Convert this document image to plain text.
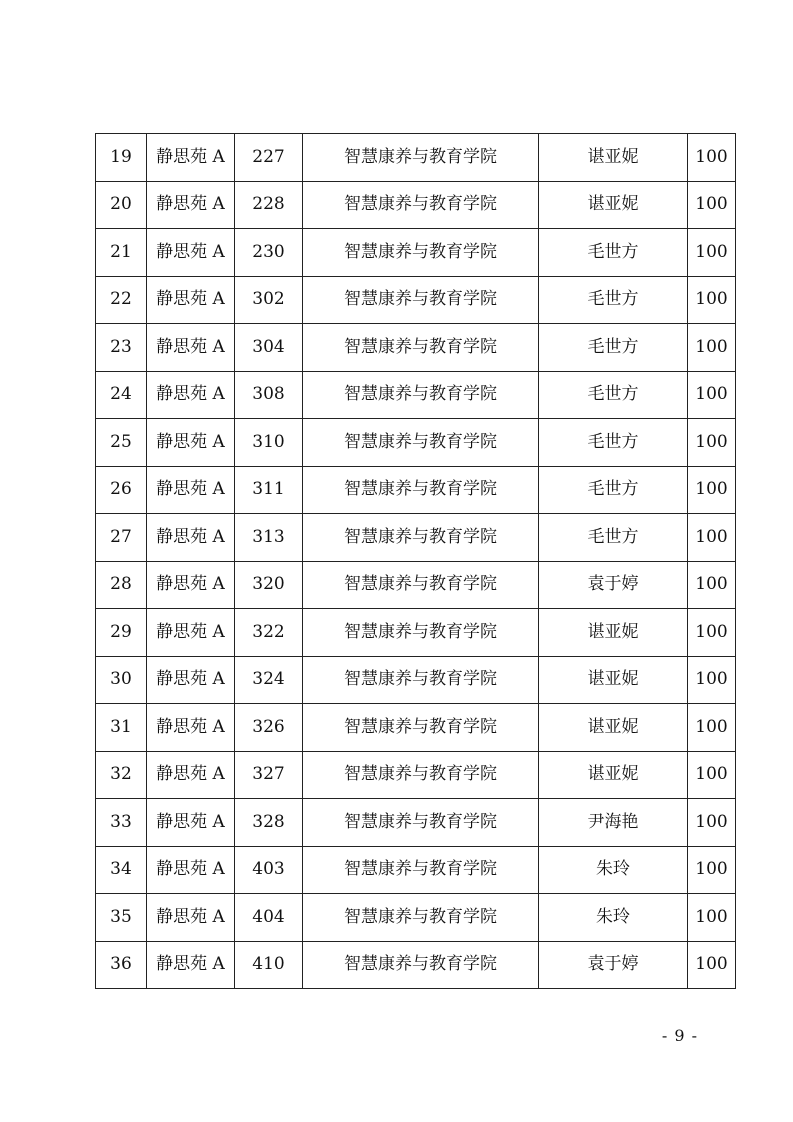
19	静思苑 A	227	智慧康养与教育学院	谌亚妮	100
20	静思苑 A	228	智慧康养与教育学院	谌亚妮	100
21	静思苑 A	230	智慧康养与教育学院	毛世方	100
22	静思苑 A	302	智慧康养与教育学院	毛世方	100
23	静思苑 A	304	智慧康养与教育学院	毛世方	100
24	静思苑 A	308	智慧康养与教育学院	毛世方	100
25	静思苑 A	310	智慧康养与教育学院	毛世方	100
26	静思苑 A	311	智慧康养与教育学院	毛世方	100
27	静思苑 A	313	智慧康养与教育学院	毛世方	100
28	静思苑 A	320	智慧康养与教育学院	袁于婷	100
29	静思苑 A	322	智慧康养与教育学院	谌亚妮	100
30	静思苑 A	324	智慧康养与教育学院	谌亚妮	100
31	静思苑 A	326	智慧康养与教育学院	谌亚妮	100
32	静思苑 A	327	智慧康养与教育学院	谌亚妮	100
33	静思苑 A	328	智慧康养与教育学院	尹海艳	100
34	静思苑 A	403	智慧康养与教育学院	朱玲	100
35	静思苑 A	404	智慧康养与教育学院	朱玲	100
36	静思苑 A	410	智慧康养与教育学院	袁于婷	100
- 9 -
